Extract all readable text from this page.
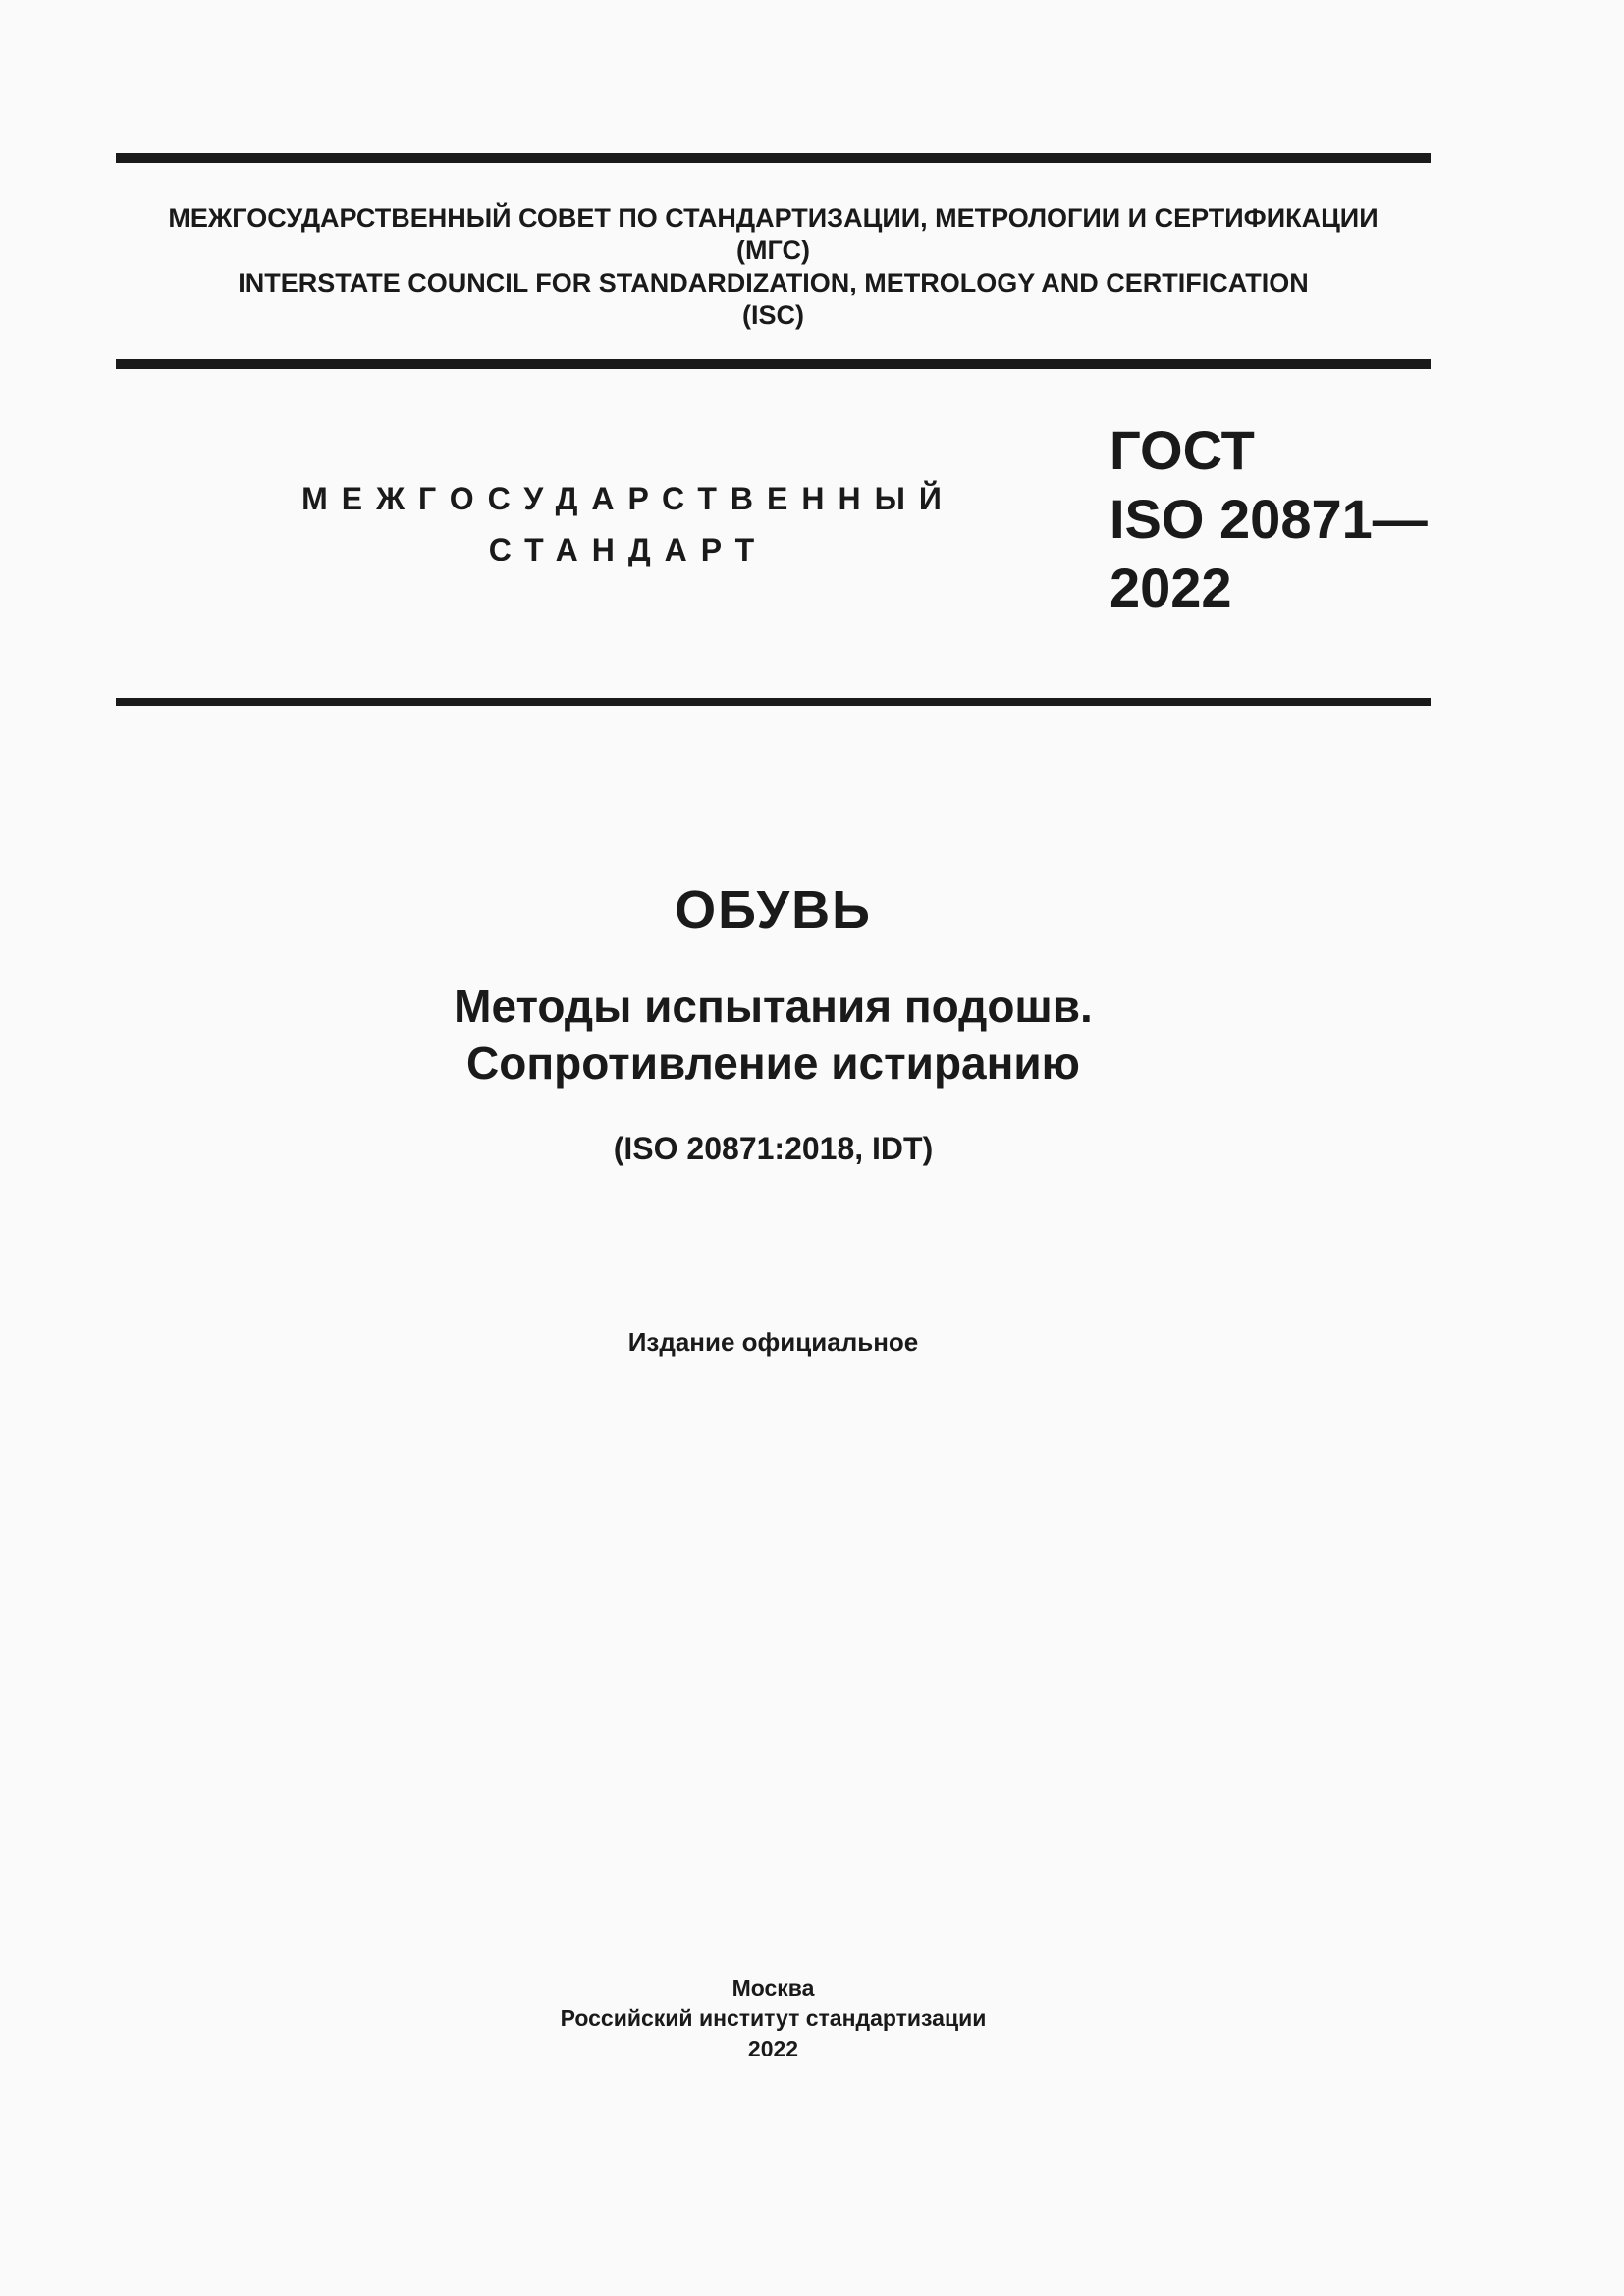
МЕЖГОСУДАРСТВЕННЫЙ СОВЕТ ПО СТАНДАРТИЗАЦИИ, МЕТРОЛОГИИ И СЕРТИФИКАЦИИ
(МГС)
INTERSTATE COUNCIL FOR STANDARDIZATION, METROLOGY AND CERTIFICATION
(ISC)
МЕЖГОСУДАРСТВЕННЫЙ
СТАНДАРТ
ГОСТ
ISO 20871—
2022
ОБУВЬ
Методы испытания подошв.
Сопротивление истиранию
(ISO 20871:2018, IDT)
Издание официальное
Москва
Российский институт стандартизации
2022
